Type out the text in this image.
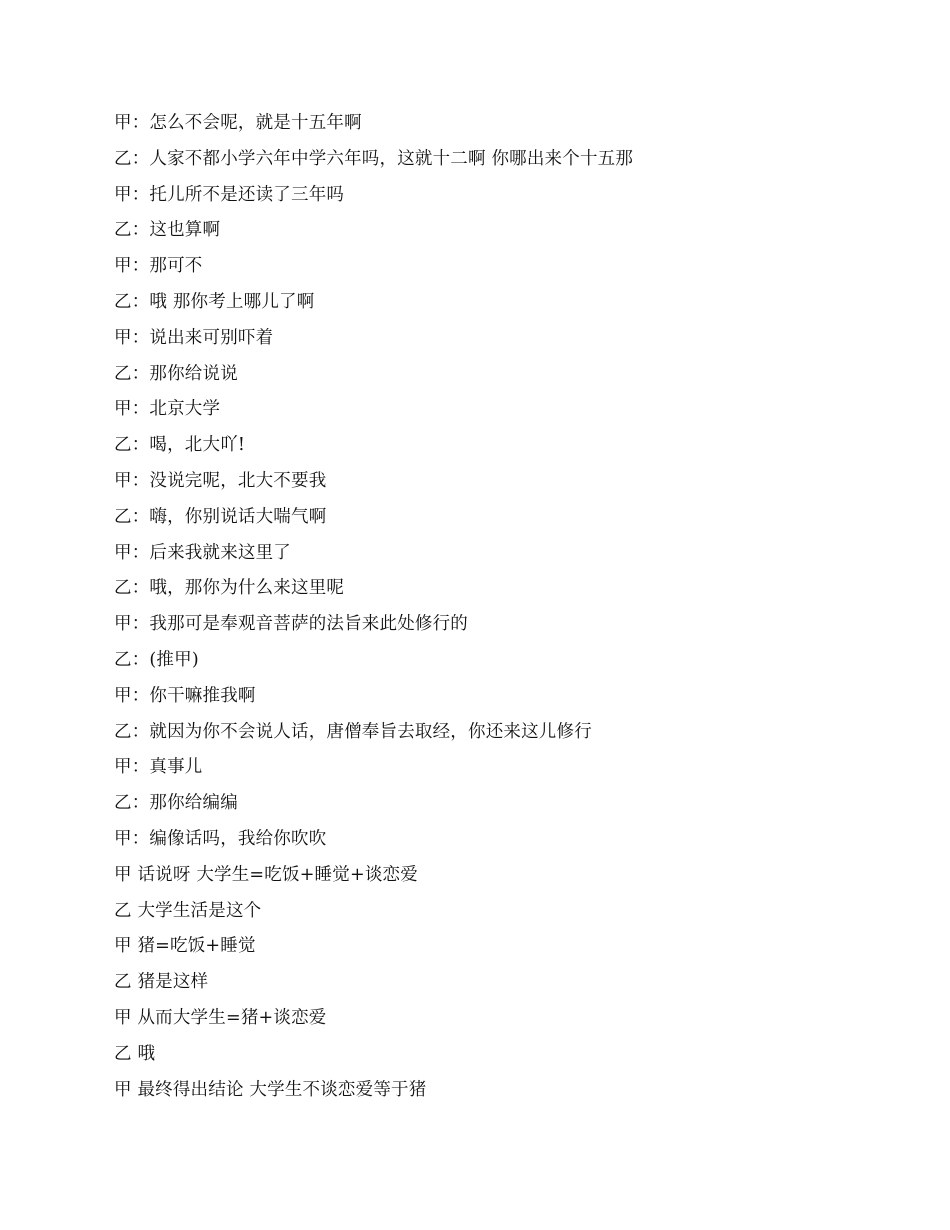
甲：怎么不会呢，就是十五年啊
乙：人家不都小学六年中学六年吗，这就十二啊 你哪出来个十五那
甲：托儿所不是还读了三年吗
乙：这也算啊
甲：那可不
乙：哦 那你考上哪儿了啊
甲：说出来可别吓着
乙：那你给说说
甲：北京大学
乙：喝，北大吖!
甲：没说完呢，北大不要我
乙：嗨，你别说话大喘气啊
甲：后来我就来这里了
乙：哦，那你为什么来这里呢
甲：我那可是奉观音菩萨的法旨来此处修行的
乙：(推甲)
甲：你干嘛推我啊
乙：就因为你不会说人话，唐僧奉旨去取经，你还来这儿修行
甲：真事儿
乙：那你给编编
甲：编像话吗，我给你吹吹
甲 话说呀 大学生=吃饭+睡觉+谈恋爱
乙 大学生活是这个
甲 猪=吃饭+睡觉
乙 猪是这样
甲 从而大学生=猪+谈恋爱
乙 哦
甲 最终得出结论 大学生不谈恋爱等于猪
